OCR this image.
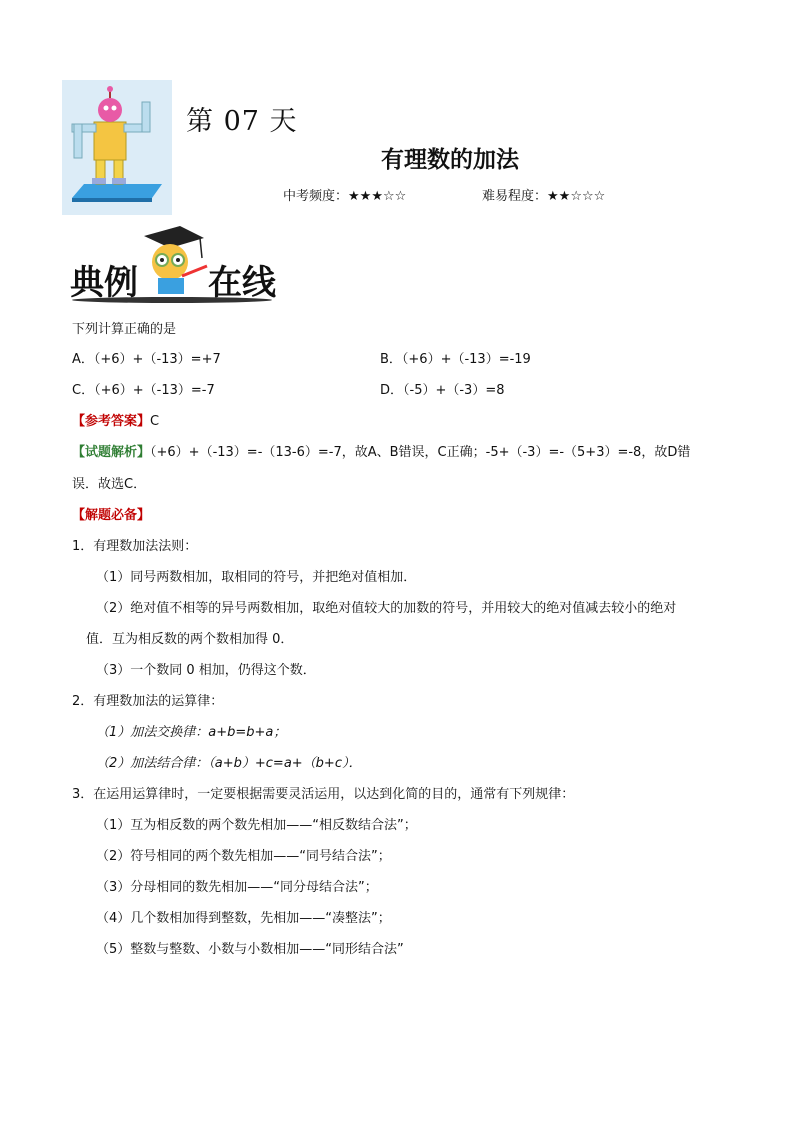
第 07 天
有理数的加法
中考频度：★★★☆☆	难易程度：★★☆☆☆
典例 在线
下列计算正确的是
A．（+6）+（-13）=+7	B．（+6）+（-13）=-19
C．（+6）+（-13）=-7	D．（-5）+（-3）=8
【参考答案】C
【试题解析】（+6）+（-13）=-（13-6）=-7，故A、B错误，C正确；-5+（-3）=-（5+3）=-8，故D错
误．故选C．
【解题必备】
1．有理数加法法则：
（1）同号两数相加，取相同的符号，并把绝对值相加．
（2）绝对值不相等的异号两数相加，取绝对值较大的加数的符号，并用较大的绝对值减去较小的绝对
值．互为相反数的两个数相加得 0．
（3）一个数同 0 相加，仍得这个数．
2．有理数加法的运算律：
（1）加法交换律：a+b=b+a；
（2）加法结合律：（a+b）+c=a+（b+c）．
3．在运用运算律时，一定要根据需要灵活运用，以达到化简的目的，通常有下列规律：
（1）互为相反数的两个数先相加——“相反数结合法”；
（2）符号相同的两个数先相加——“同号结合法”；
（3）分母相同的数先相加——“同分母结合法”；
（4）几个数相加得到整数，先相加——“凑整法”；
（5）整数与整数、小数与小数相加——“同形结合法”
